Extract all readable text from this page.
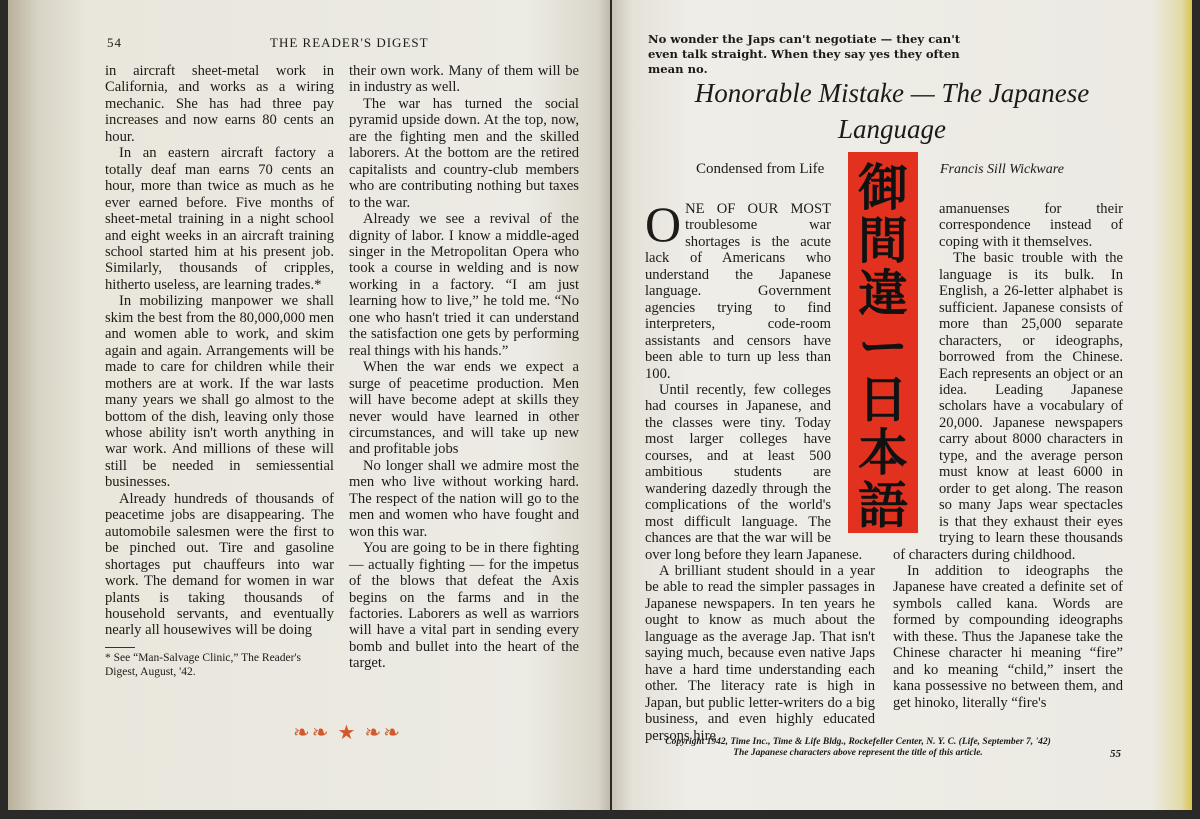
54	THE READER'S DIGEST

in aircraft sheet-metal work in California, and works as a wiring mechanic. She has had three pay increases and now earns 80 cents an hour.

In an eastern aircraft factory a totally deaf man earns 70 cents an hour, more than twice as much as he ever earned before. Five months of sheet-metal training in a night school and eight weeks in an aircraft training school started him at his present job. Similarly, thousands of cripples, hitherto useless, are learning trades.*

In mobilizing manpower we shall skim the best from the 80,000,000 men and women able to work, and skim again and again. Arrangements will be made to care for children while their mothers are at work. If the war lasts many years we shall go almost to the bottom of the dish, leaving only those whose ability isn't worth anything in war work. And millions of these will still be needed in semiessential businesses.

Already hundreds of thousands of peacetime jobs are disappearing. The automobile salesmen were the first to be pinched out. Tire and gasoline shortages put chauffeurs into war work. The demand for women in war plants is taking thousands of household servants, and eventually nearly all housewives will be doing

* See “Man-Salvage Clinic,” The Reader's Digest, August, '42.

their own work. Many of them will be in industry as well.

The war has turned the social pyramid upside down. At the top, now, are the fighting men and the skilled laborers. At the bottom are the retired capitalists and country-club members who are contributing nothing but taxes to the war.

Already we see a revival of the dignity of labor. I know a middle-aged singer in the Metropolitan Opera who took a course in welding and is now working in a factory. “I am just learning how to live,” he told me. “No one who hasn't tried it can understand the satisfaction one gets by performing real things with his hands.”

When the war ends we expect a surge of peacetime production. Men will have become adept at skills they never would have learned in other circumstances, and will take up new and profitable jobs

No longer shall we admire most the men who live without working hard. The respect of the nation will go to the men and women who have fought and won this war.

You are going to be in there fighting — actually fighting — for the impetus of the blows that defeat the Axis begins on the farms and in the factories. Laborers as well as warriors will have a vital part in sending every bomb and bullet into the heart of the target.

❧❧ ★ ❧❧
No wonder the Japs can't negotiate — they can't even talk straight. When they say yes they often mean no.
Honorable Mistake — The Japanese
Language
Condensed from Life	Francis Sill Wickware
御間違ー日本語

ONE OF OUR MOST troublesome war shortages is the acute lack of Americans who understand the Japanese language. Government agencies trying to find interpreters, code-room assistants and censors have been able to turn up less than 100.

Until recently, few colleges had courses in Japanese, and the classes were tiny. Today most larger colleges have courses, and at least 500 ambitious students are wandering dazedly through the complications of the world's most difficult language. The chances are that the war will be over long before they learn Japanese.

A brilliant student should in a year be able to read the simpler passages in Japanese newspapers. In ten years he ought to know as much about the language as the average Jap. That isn't saying much, because even native Japs have a hard time understanding each other. The literacy rate is high in Japan, but public letter-writers do a big business, and even highly educated persons hire

amanuenses for their correspondence instead of coping with it themselves.

The basic trouble with the language is its bulk. In English, a 26-letter alphabet is sufficient. Japanese consists of more than 25,000 separate characters, or ideographs, borrowed from the Chinese. Each represents an object or an idea. Leading Japanese scholars have a vocabulary of 20,000. Japanese newspapers carry about 8000 characters in type, and the average person must know at least 6000 in order to get along. The reason so many Japs wear spectacles is that they exhaust their eyes trying to learn these thousands of characters during childhood.

In addition to ideographs the Japanese have created a definite set of symbols called kana. Words are formed by compounding ideographs with these. Thus the Japanese take the Chinese character hi meaning “fire” and ko meaning “child,” insert the kana possessive no between them, and get hinoko, literally “fire's

Copyright 1942, Time Inc., Time & Life Bldg., Rockefeller Center, N. Y. C. (Life, September 7, '42)
The Japanese characters above represent the title of this article.	55
